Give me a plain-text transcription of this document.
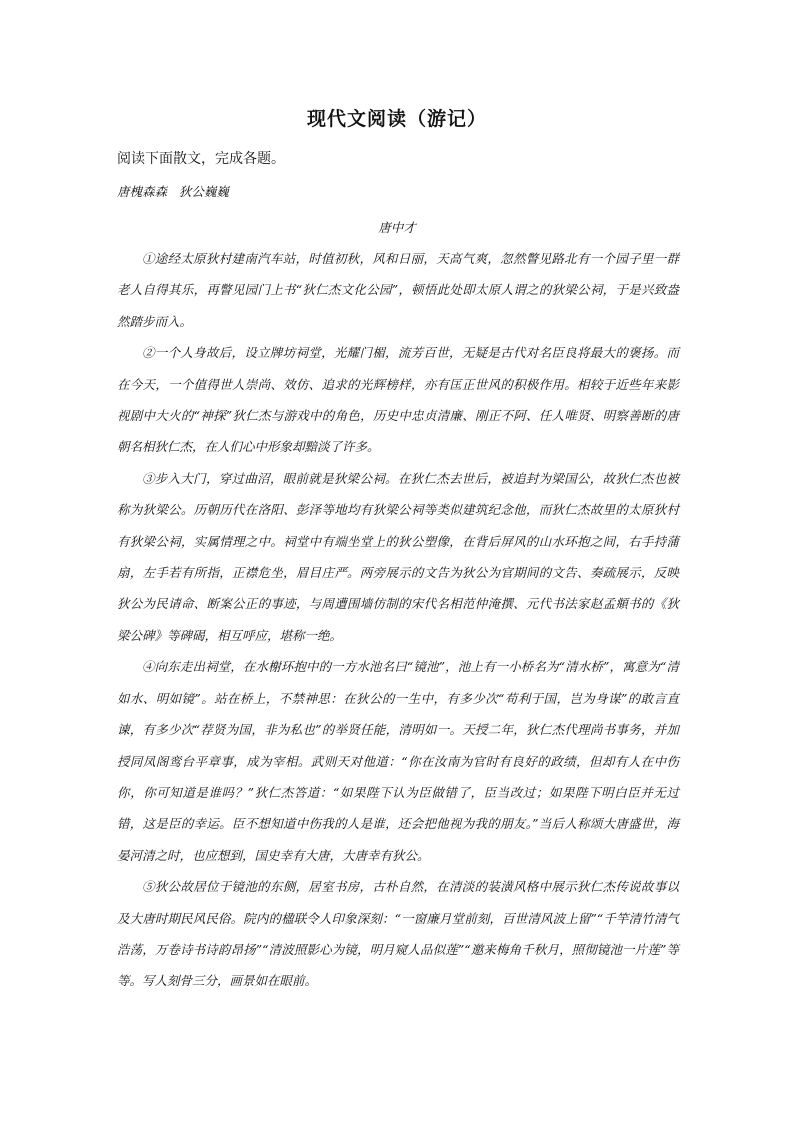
现代文阅读（游记）
阅读下面散文，完成各题。
唐槐森森   狄公巍巍
唐中才

①途经太原狄村建南汽车站，时值初秋，风和日丽，天高气爽，忽然瞥见路北有一个园子里一群老人自得其乐，再瞥见园门上书“狄仁杰文化公园”，顿悟此处即太原人谓之的狄梁公祠，于是兴致盎然踏步而入。

②一个人身故后，设立牌坊祠堂，光耀门楣，流芳百世，无疑是古代对名臣良将最大的褒扬。而在今天，一个值得世人崇尚、效仿、追求的光辉榜样，亦有匡正世风的积极作用。相较于近些年来影视剧中大火的“神探”狄仁杰与游戏中的角色，历史中忠贞清廉、刚正不阿、任人唯贤、明察善断的唐朝名相狄仁杰，在人们心中形象却黯淡了许多。

③步入大门，穿过曲沼，眼前就是狄梁公祠。在狄仁杰去世后，被追封为梁国公，故狄仁杰也被称为狄梁公。历朝历代在洛阳、彭泽等地均有狄梁公祠等类似建筑纪念他，而狄仁杰故里的太原狄村有狄梁公祠，实属情理之中。祠堂中有端坐堂上的狄公塑像，在背后屏风的山水环抱之间，右手持蒲扇，左手若有所指，正襟危坐，眉目庄严。两旁展示的文告为狄公为官期间的文告、奏疏展示，反映狄公为民请命、断案公正的事迹，与周遭围墙仿制的宋代名相范仲淹撰、元代书法家赵孟頫书的《狄梁公碑》等碑碣，相互呼应，堪称一绝。

④向东走出祠堂，在水榭环抱中的一方水池名曰“镜池”，池上有一小桥名为“清水桥”，寓意为“清如水、明如镜”。站在桥上，不禁神思：在狄公的一生中，有多少次“苟利于国，岂为身谋”的敢言直谏，有多少次“荐贤为国，非为私也”的举贤任能，清明如一。天授二年，狄仁杰代理尚书事务，并加授同凤阁鸾台平章事，成为宰相。武则天对他道：“你在汝南为官时有良好的政绩，但却有人在中伤你，你可知道是谁吗？”狄仁杰答道：“如果陛下认为臣做错了，臣当改过；如果陛下明白臣并无过错，这是臣的幸运。臣不想知道中伤我的人是谁，还会把他视为我的朋友。”当后人称颂大唐盛世，海晏河清之时，也应想到，国史幸有大唐，大唐幸有狄公。

⑤狄公故居位于镜池的东侧，居室书房，古朴自然，在清淡的装潢风格中展示狄仁杰传说故事以及大唐时期民风民俗。院内的楹联令人印象深刻：“一窗廉月堂前刻，百世清风波上留”“千竿清竹清气浩荡，万卷诗书诗韵昂扬”“清波照影心为镜，明月窥人品似莲”“邀来梅角千秋月，照彻镜池一片莲”等等。写人刻骨三分，画景如在眼前。
